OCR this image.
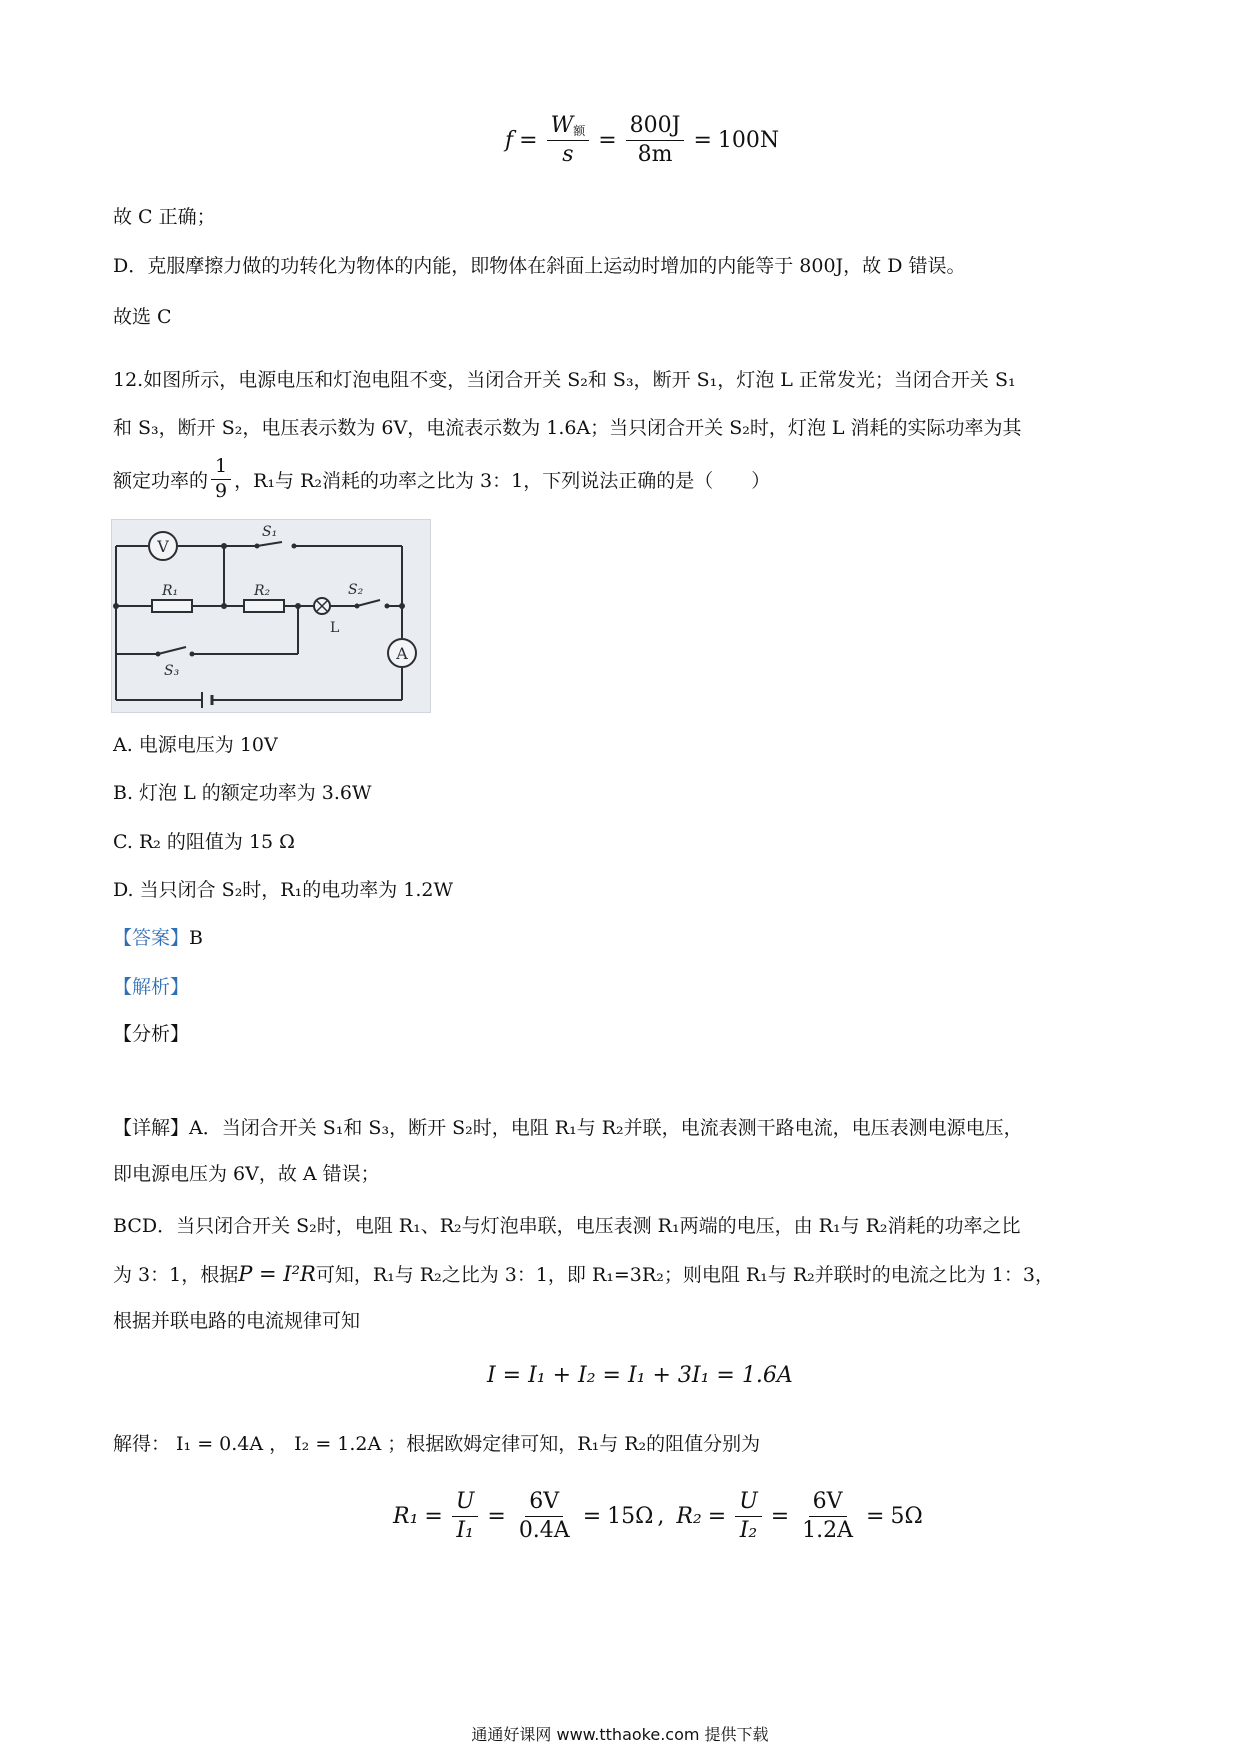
$f = \frac{W_额}{s} = \frac{800J}{8m} = 100N$
故 C 正确；
D．克服摩擦力做的功转化为物体的内能，即物体在斜面上运动时增加的内能等于 800J，故 D 错误。
故选 C
12.如图所示，电源电压和灯泡电阻不变，当闭合开关 S₂和 S₃，断开 S₁，灯泡 L 正常发光；当闭合开关 S₁
和 S₃，断开 S₂，电压表示数为 6V，电流表示数为 1.6A；当只闭合开关 S₂时，灯泡 L 消耗的实际功率为其
额定功率的 $\frac{1}{9}$ ，R₁与 R₂消耗的功率之比为 3：1，下列说法正确的是（　　）
V
A
S₁
S₂
S₃
R₁	R₂
L
A. 电源电压为 10V
B. 灯泡 L 的额定功率为 3.6W
C. R₂ 的阻值为 15 Ω
D. 当只闭合 S₂时，R₁的电功率为 1.2W
【答案】B
【解析】
【分析】
【详解】A．当闭合开关 S₁和 S₃，断开 S₂时，电阻 R₁与 R₂并联，电流表测干路电流，电压表测电源电压，
即电源电压为 6V，故 A 错误；
BCD．当只闭合开关 S₂时，电阻 R₁、R₂与灯泡串联，电压表测 R₁两端的电压，由 R₁与 R₂消耗的功率之比
为 3：1，根据P = I²R可知，R₁与 R₂之比为 3：1，即 R₁=3R₂；则电阻 R₁与 R₂并联时的电流之比为 1：3，
根据并联电路的电流规律可知
I = I₁ + I₂ = I₁ + 3I₁ = 1.6A
解得： I₁ = 0.4A ， I₂ = 1.2A ；根据欧姆定律可知，R₁与 R₂的阻值分别为
$R_1 = \frac{U}{\text{I₁}} = \frac{6V}{0.4A} = 15\Omega$ , $R_2 = \frac{U}{\text{I₂}} = \frac{6V}{1.2A} = 5\Omega$
通通好课网 www.tthaoke.com 提供下载
